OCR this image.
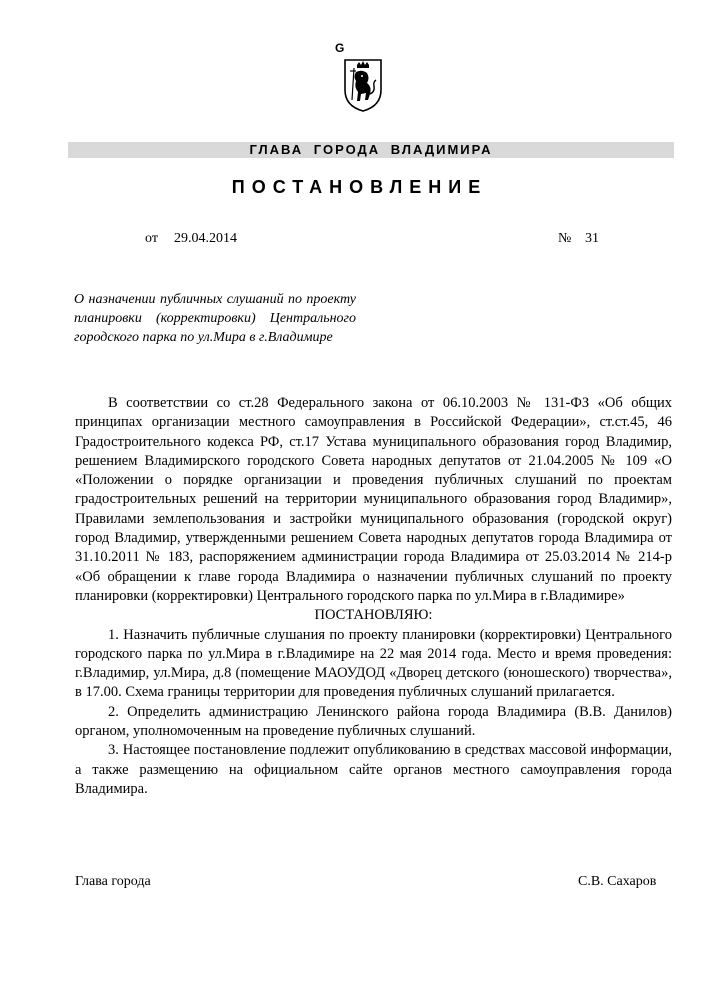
G
ГЛАВА ГОРОДА ВЛАДИМИРА
ПОСТАНОВЛЕНИЕ
от 29.04.2014	№ 31
О назначении публичных слушаний по проекту планировки (корректировки) Центрального городского парка по ул.Мира в г.Владимире

В соответствии со ст.28 Федерального закона от 06.10.2003 № 131-ФЗ «Об общих принципах организации местного самоуправления в Российской Федерации», ст.ст.45, 46 Градостроительного кодекса РФ, ст.17 Устава муниципального образования город Владимир, решением Владимирского городского Совета народных депутатов от 21.04.2005 № 109 «О «Положении о порядке организации и проведения публичных слушаний по проектам градостроительных решений на территории муниципального образования город Владимир», Правилами землепользования и застройки муниципального образования (городской округ) город Владимир, утвержденными решением Совета народных депутатов города Владимира от 31.10.2011 № 183, распоряжением администрации города Владимира от 25.03.2014 № 214-р «Об обращении к главе города Владимира о назначении публичных слушаний по проекту планировки (корректировки) Центрального городского парка по ул.Мира в г.Владимире»

ПОСТАНОВЛЯЮ:

1. Назначить публичные слушания по проекту планировки (корректировки) Центрального городского парка по ул.Мира в г.Владимире на 22 мая 2014 года. Место и время проведения: г.Владимир, ул.Мира, д.8 (помещение МАОУДОД «Дворец детского (юношеского) творчества», в 17.00. Схема границы территории для проведения публичных слушаний прилагается.

2. Определить администрацию Ленинского района города Владимира (В.В. Данилов) органом, уполномоченным на проведение публичных слушаний.

3. Настоящее постановление подлежит опубликованию в средствах массовой информации, а также размещению на официальном сайте органов местного самоуправления города Владимира.

Глава города	С.В. Сахаров
